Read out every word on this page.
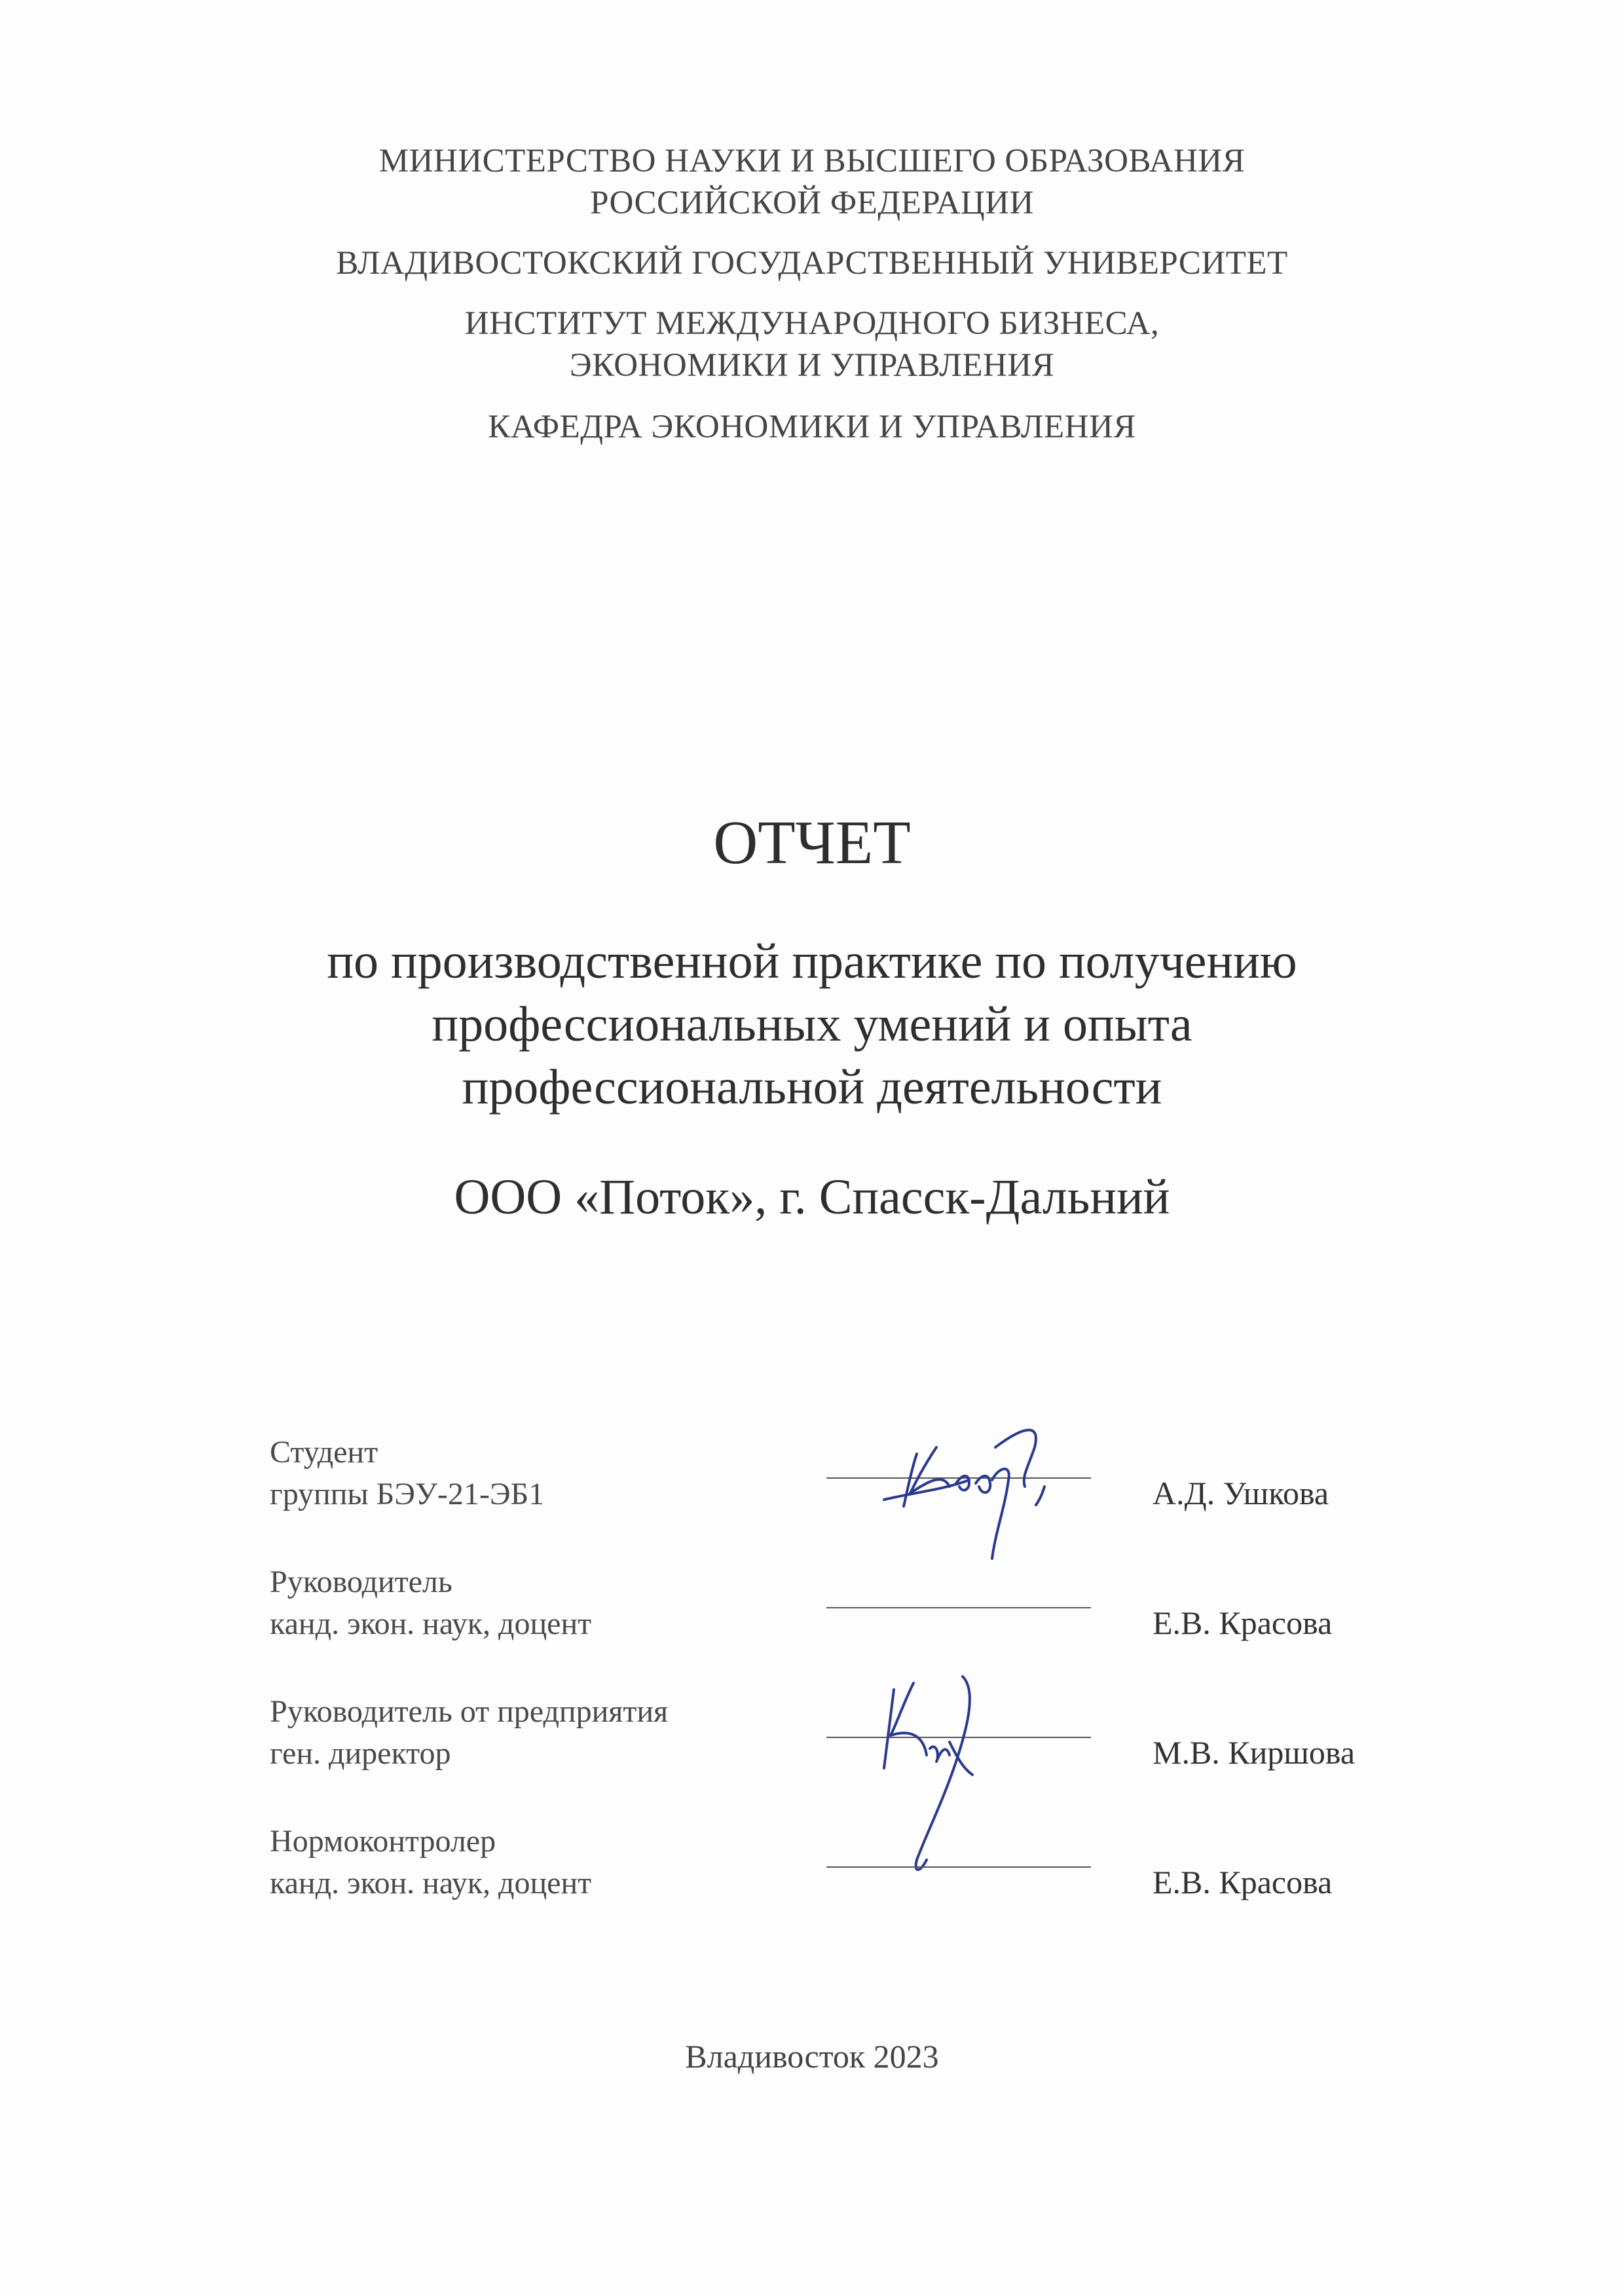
МИНИСТЕРСТВО НАУКИ И ВЫСШЕГО ОБРАЗОВАНИЯ
РОССИЙСКОЙ ФЕДЕРАЦИИ
ВЛАДИВОСТОКСКИЙ ГОСУДАРСТВЕННЫЙ УНИВЕРСИТЕТ
ИНСТИТУТ МЕЖДУНАРОДНОГО БИЗНЕСА,
ЭКОНОМИКИ И УПРАВЛЕНИЯ
КАФЕДРА ЭКОНОМИКИ И УПРАВЛЕНИЯ
ОТЧЕТ
по производственной практике по получению
профессиональных умений и опыта
профессиональной деятельности
ООО «Поток», г. Спасск-Дальний
Студент
группы БЭУ-21-ЭБ1	А.Д. Ушкова
Руководитель
канд. экон. наук, доцент	Е.В. Красова
Руководитель от предприятия
ген. директор	М.В. Киршова
Нормоконтролер
канд. экон. наук, доцент	Е.В. Красова
Владивосток 2023
